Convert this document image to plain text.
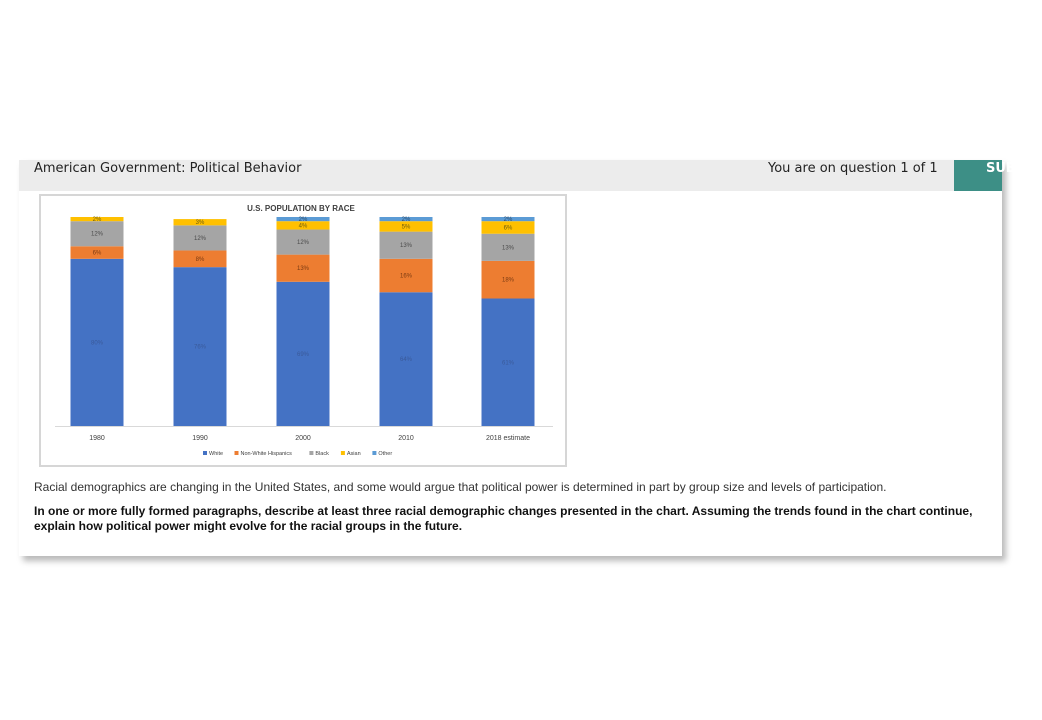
American Government: Political Behavior	You are on question 1 of 1
U.S. POPULATION BY RACE
80%
6%
12%
2%
1980
76%
8%
12%
3%
1990
69%
13%
12%
4%
2%
2000
64%
16%
13%
5%
2%
2010
61%
18%
13%
6%
2%
2018 estimate
White	Non-White Hispanics	Black	Asian	Other
Racial demographics are changing in the United States, and some would argue that political power is determined in part by group size and levels of participation.
In one or more fully formed paragraphs, describe at least three racial demographic changes presented in the chart. Assuming the trends found in the chart continue, explain how political power might evolve for the racial groups in the future.
SUBMIT
